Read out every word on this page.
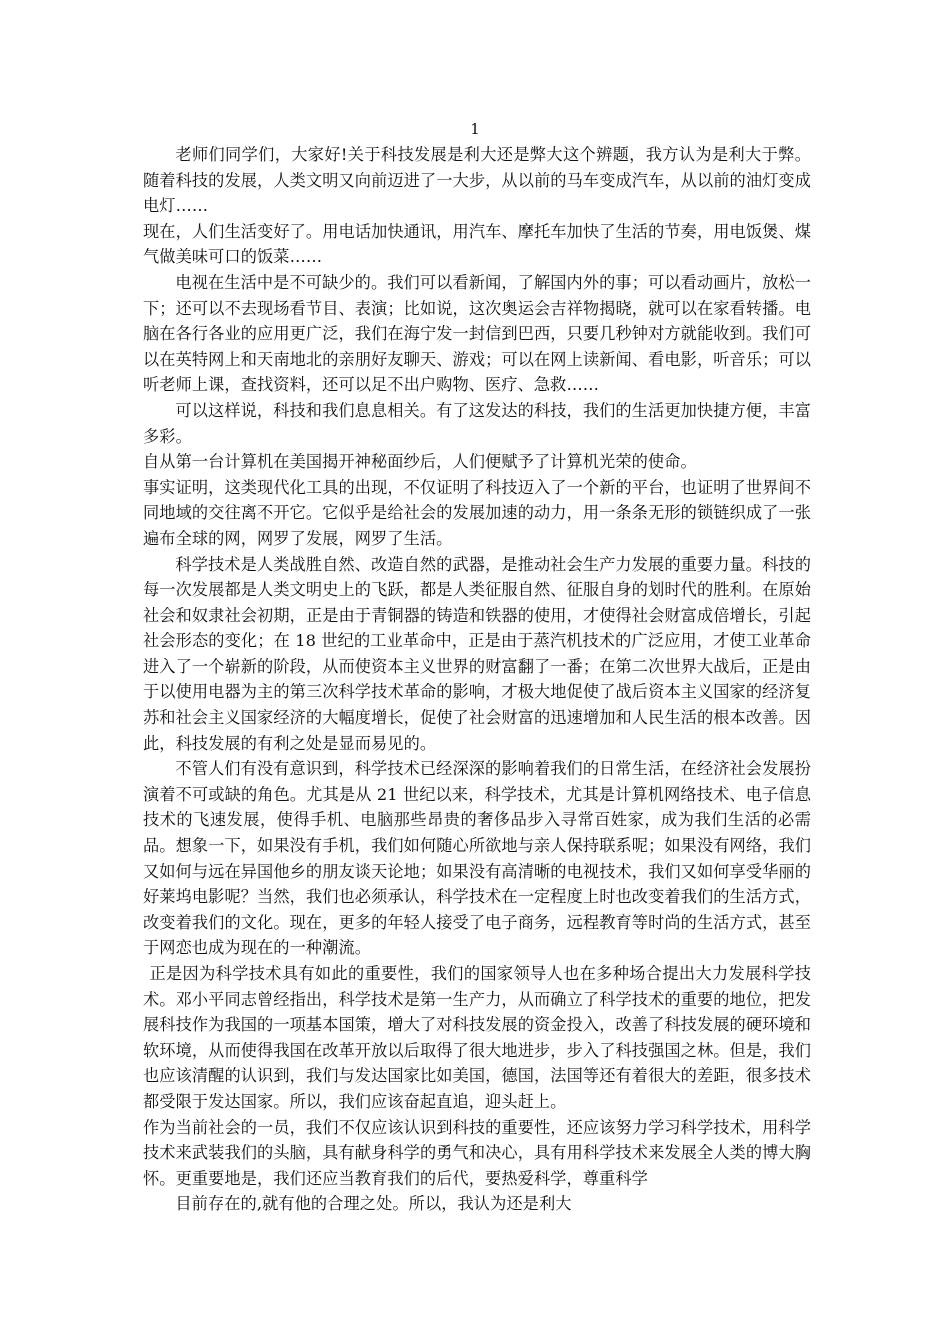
1

老师们同学们，大家好!关于科技发展是利大还是弊大这个辨题，我方认为是利大于弊。随着科技的发展，人类文明又向前迈进了一大步，从以前的马车变成汽车，从以前的油灯变成电灯……

现在，人们生活变好了。用电话加快通讯，用汽车、摩托车加快了生活的节奏，用电饭煲、煤气做美味可口的饭菜……

电视在生活中是不可缺少的。我们可以看新闻，了解国内外的事；可以看动画片，放松一下；还可以不去现场看节目、表演；比如说，这次奥运会吉祥物揭晓，就可以在家看转播。电脑在各行各业的应用更广泛，我们在海宁发一封信到巴西，只要几秒钟对方就能收到。我们可以在英特网上和天南地北的亲朋好友聊天、游戏；可以在网上读新闻、看电影，听音乐；可以听老师上课，查找资料，还可以足不出户购物、医疗、急救……

可以这样说，科技和我们息息相关。有了这发达的科技，我们的生活更加快捷方便，丰富多彩。

自从第一台计算机在美国揭开神秘面纱后，人们便赋予了计算机光荣的使命。

事实证明，这类现代化工具的出现，不仅证明了科技迈入了一个新的平台，也证明了世界间不同地域的交往离不开它。它似乎是给社会的发展加速的动力，用一条条无形的锁链织成了一张遍布全球的网，网罗了发展，网罗了生活。

科学技术是人类战胜自然、改造自然的武器，是推动社会生产力发展的重要力量。科技的每一次发展都是人类文明史上的飞跃，都是人类征服自然、征服自身的划时代的胜利。在原始社会和奴隶社会初期，正是由于青铜器的铸造和铁器的使用，才使得社会财富成倍增长，引起社会形态的变化；在 18 世纪的工业革命中，正是由于蒸汽机技术的广泛应用，才使工业革命进入了一个崭新的阶段，从而使资本主义世界的财富翻了一番；在第二次世界大战后，正是由于以使用电器为主的第三次科学技术革命的影响，才极大地促使了战后资本主义国家的经济复苏和社会主义国家经济的大幅度增长，促使了社会财富的迅速增加和人民生活的根本改善。因此，科技发展的有利之处是显而易见的。

不管人们有没有意识到，科学技术已经深深的影响着我们的日常生活，在经济社会发展扮演着不可或缺的角色。尤其是从 21 世纪以来，科学技术，尤其是计算机网络技术、电子信息技术的飞速发展，使得手机、电脑那些昂贵的奢侈品步入寻常百姓家，成为我们生活的必需品。想象一下，如果没有手机，我们如何随心所欲地与亲人保持联系呢；如果没有网络，我们又如何与远在异国他乡的朋友谈天论地；如果没有高清晰的电视技术，我们又如何享受华丽的好莱坞电影呢？当然，我们也必须承认，科学技术在一定程度上时也改变着我们的生活方式，改变着我们的文化。现在，更多的年轻人接受了电子商务，远程教育等时尚的生活方式，甚至于网恋也成为现在的一种潮流。

正是因为科学技术具有如此的重要性，我们的国家领导人也在多种场合提出大力发展科学技术。邓小平同志曾经指出，科学技术是第一生产力，从而确立了科学技术的重要的地位，把发展科技作为我国的一项基本国策，增大了对科技发展的资金投入，改善了科技发展的硬环境和软环境，从而使得我国在改革开放以后取得了很大地进步，步入了科技强国之林。但是，我们也应该清醒的认识到，我们与发达国家比如美国，德国，法国等还有着很大的差距，很多技术都受限于发达国家。所以，我们应该奋起直追，迎头赶上。

作为当前社会的一员，我们不仅应该认识到科技的重要性，还应该努力学习科学技术，用科学技术来武装我们的头脑，具有献身科学的勇气和决心，具有用科学技术来发展全人类的博大胸怀。更重要地是，我们还应当教育我们的后代，要热爱科学，尊重科学

目前存在的,就有他的合理之处。所以，我认为还是利大
